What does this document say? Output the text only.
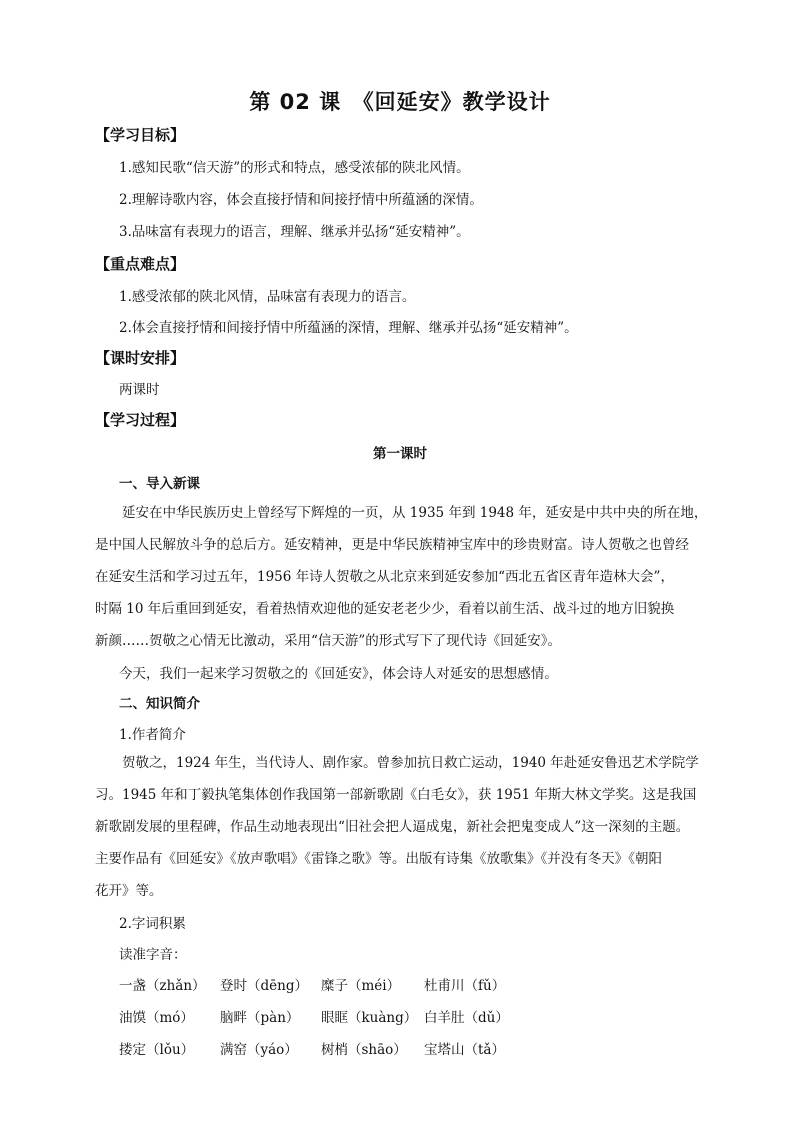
第 02 课　《回延安》教学设计
【学习目标】
1.感知民歌“信天游”的形式和特点，感受浓郁的陕北风情。
2.理解诗歌内容，体会直接抒情和间接抒情中所蕴涵的深情。
3.品味富有表现力的语言，理解、继承并弘扬“延安精神”。
【重点难点】
1.感受浓郁的陕北风情，品味富有表现力的语言。
2.体会直接抒情和间接抒情中所蕴涵的深情，理解、继承并弘扬“延安精神”。
【课时安排】
两课时
【学习过程】
第一课时
一、导入新课
延安在中华民族历史上曾经写下辉煌的一页，从 1935 年到 1948 年，延安是中共中央的所在地，
是中国人民解放斗争的总后方。延安精神，更是中华民族精神宝库中的珍贵财富。诗人贺敬之也曾经
在延安生活和学习过五年，1956 年诗人贺敬之从北京来到延安参加“西北五省区青年造林大会”，
时隔 10 年后重回到延安，看着热情欢迎他的延安老老少少，看着以前生活、战斗过的地方旧貌换
新颜……贺敬之心情无比激动，采用“信天游”的形式写下了现代诗《回延安》。
今天，我们一起来学习贺敬之的《回延安》，体会诗人对延安的思想感情。
二、知识简介
1.作者简介
贺敬之，1924 年生，当代诗人、剧作家。曾参加抗日救亡运动，1940 年赴延安鲁迅艺术学院学
习。1945 年和丁毅执笔集体创作我国第一部新歌剧《白毛女》，获 1951 年斯大林文学奖。这是我国
新歌剧发展的里程碑，作品生动地表现出“旧社会把人逼成鬼，新社会把鬼变成人”这一深刻的主题。
主要作品有《回延安》《放声歌唱》《雷锋之歌》等。出版有诗集《放歌集》《并没有冬天》《朝阳
花开》等。
2.字词积累
读准字音：
一盏（zhǎn） 登时（dēng） 糜子（méi） 杜甫川（fǔ）
油馍（mó） 脑畔（pàn） 眼眶（kuàng） 白羊肚（dǔ）
搂定（lǒu） 满窑（yáo） 树梢（shāo） 宝塔山（tǎ）
